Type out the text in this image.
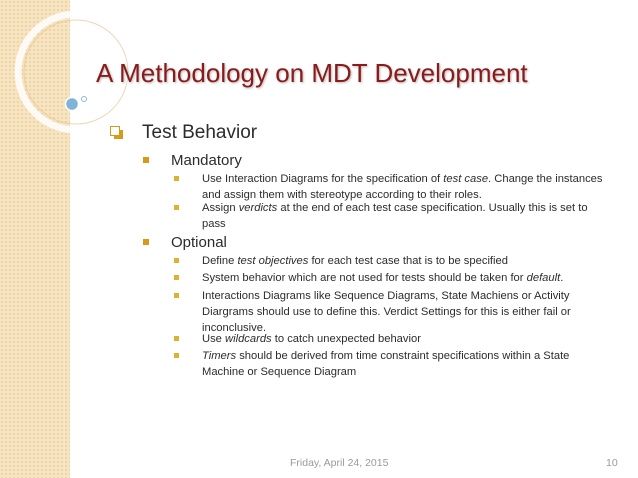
A Methodology on MDT Development
Test Behavior
Mandatory
Use Interaction Diagrams for the specification of test case. Change the instances and assign them with stereotype according to their roles.
Assign verdicts at the end of each test case specification. Usually this is set to pass
Optional
Define test objectives for each test case that is to be specified
System behavior which are not used for tests should be taken for default.
Interactions Diagrams like Sequence Diagrams, State Machiens or Activity Diargrams should use to define this. Verdict Settings for this is either fail or inconclusive.
Use wildcards to catch unexpected behavior
Timers should be derived from time constraint specifications within a State Machine or Sequence Diagram
Friday, April 24, 2015	10
